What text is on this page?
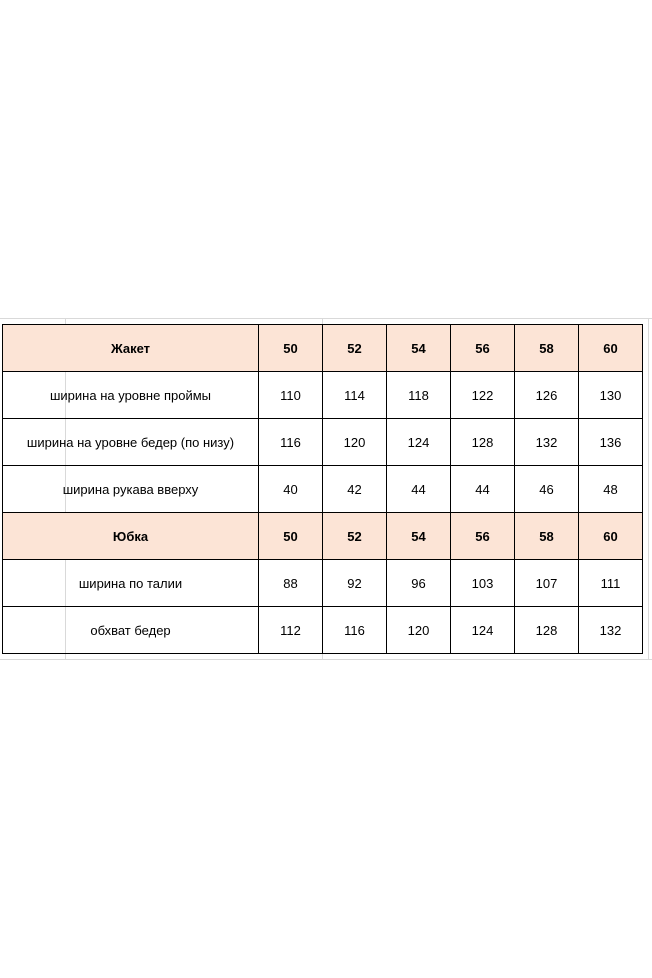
Жакет	50	52	54	56	58	60
ширина на уровне проймы	110	114	118	122	126	130
ширина на уровне бедер (по низу)	116	120	124	128	132	136
ширина рукава вверху	40	42	44	44	46	48
Юбка	50	52	54	56	58	60
ширина по талии	88	92	96	103	107	111
обхват бедер	112	116	120	124	128	132
